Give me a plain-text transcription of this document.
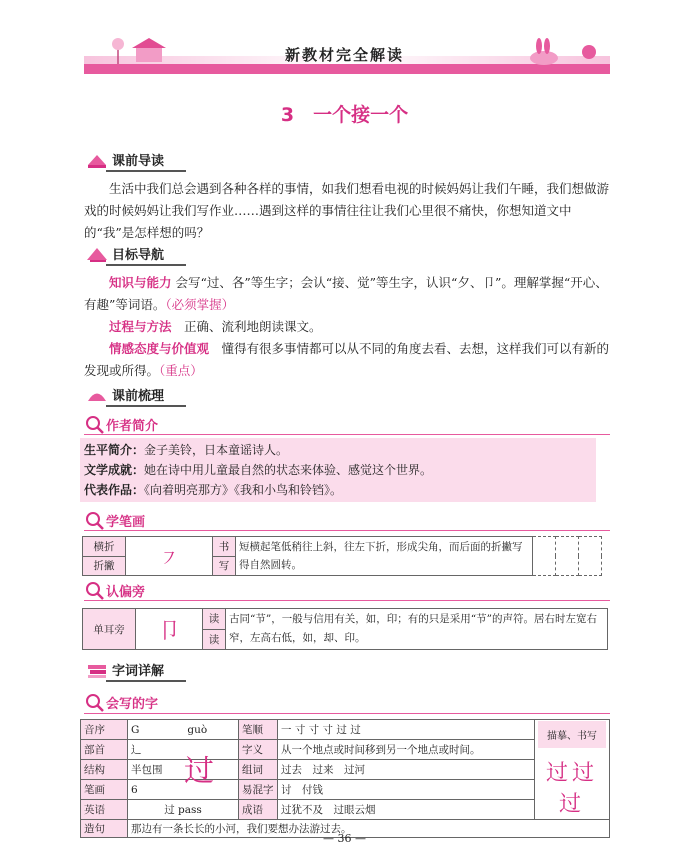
新教材完全解读
3　一个接一个
课前导读
生活中我们总会遇到各种各样的事情，如我们想看电视的时候妈妈让我们午睡，我们想做游戏的时候妈妈让我们写作业……遇到这样的事情往往让我们心里很不痛快，你想知道文中的“我”是怎样想的吗？
目标导航
知识与能力 会写“过、各”等生字；会认“接、觉”等生字，认识“夕、卩”。理解掌握“开心、有趣”等词语。（必须掌握）
过程与方法　 正确、流利地朗读课文。
情感态度与价值观　 懂得有很多事情都可以从不同的角度去看、去想，这样我们可以有新的发现或所得。（重点）
课前梳理
作者简介
生平简介：金子美铃，日本童谣诗人。
文学成就：她在诗中用儿童最自然的状态来体验、感觉这个世界。
代表作品：《向着明亮那方》《我和小鸟和铃铛》。
学笔画
横折	㇇	书	短横起笔低稍往上斜，往左下折，形成尖角，而后面的折撇写得自然圆转。			
折撇		写				
认偏旁
单耳旁	卩	读	古同“节”，一般与信用有关，如，印；有的只是采用“节”的声符。居右时左宽右窄，左高右低，如，却、印。
读
字词详解
会写的字
音序	G guò	笔顺	一 寸 寸 寸 过 过	描摹、书写
过过过

部首	辶	字义	从一个地点或时间移到另一个地点或时间。	
结构	半包围 过	组词	过去　过来　过河	
笔画	6	易混字	讨　付钱	
英语	过 pass	成语	过犹不及　过眼云烟	
造句	那边有一条长长的小河，我们要想办法游过去。			
— 36 —
